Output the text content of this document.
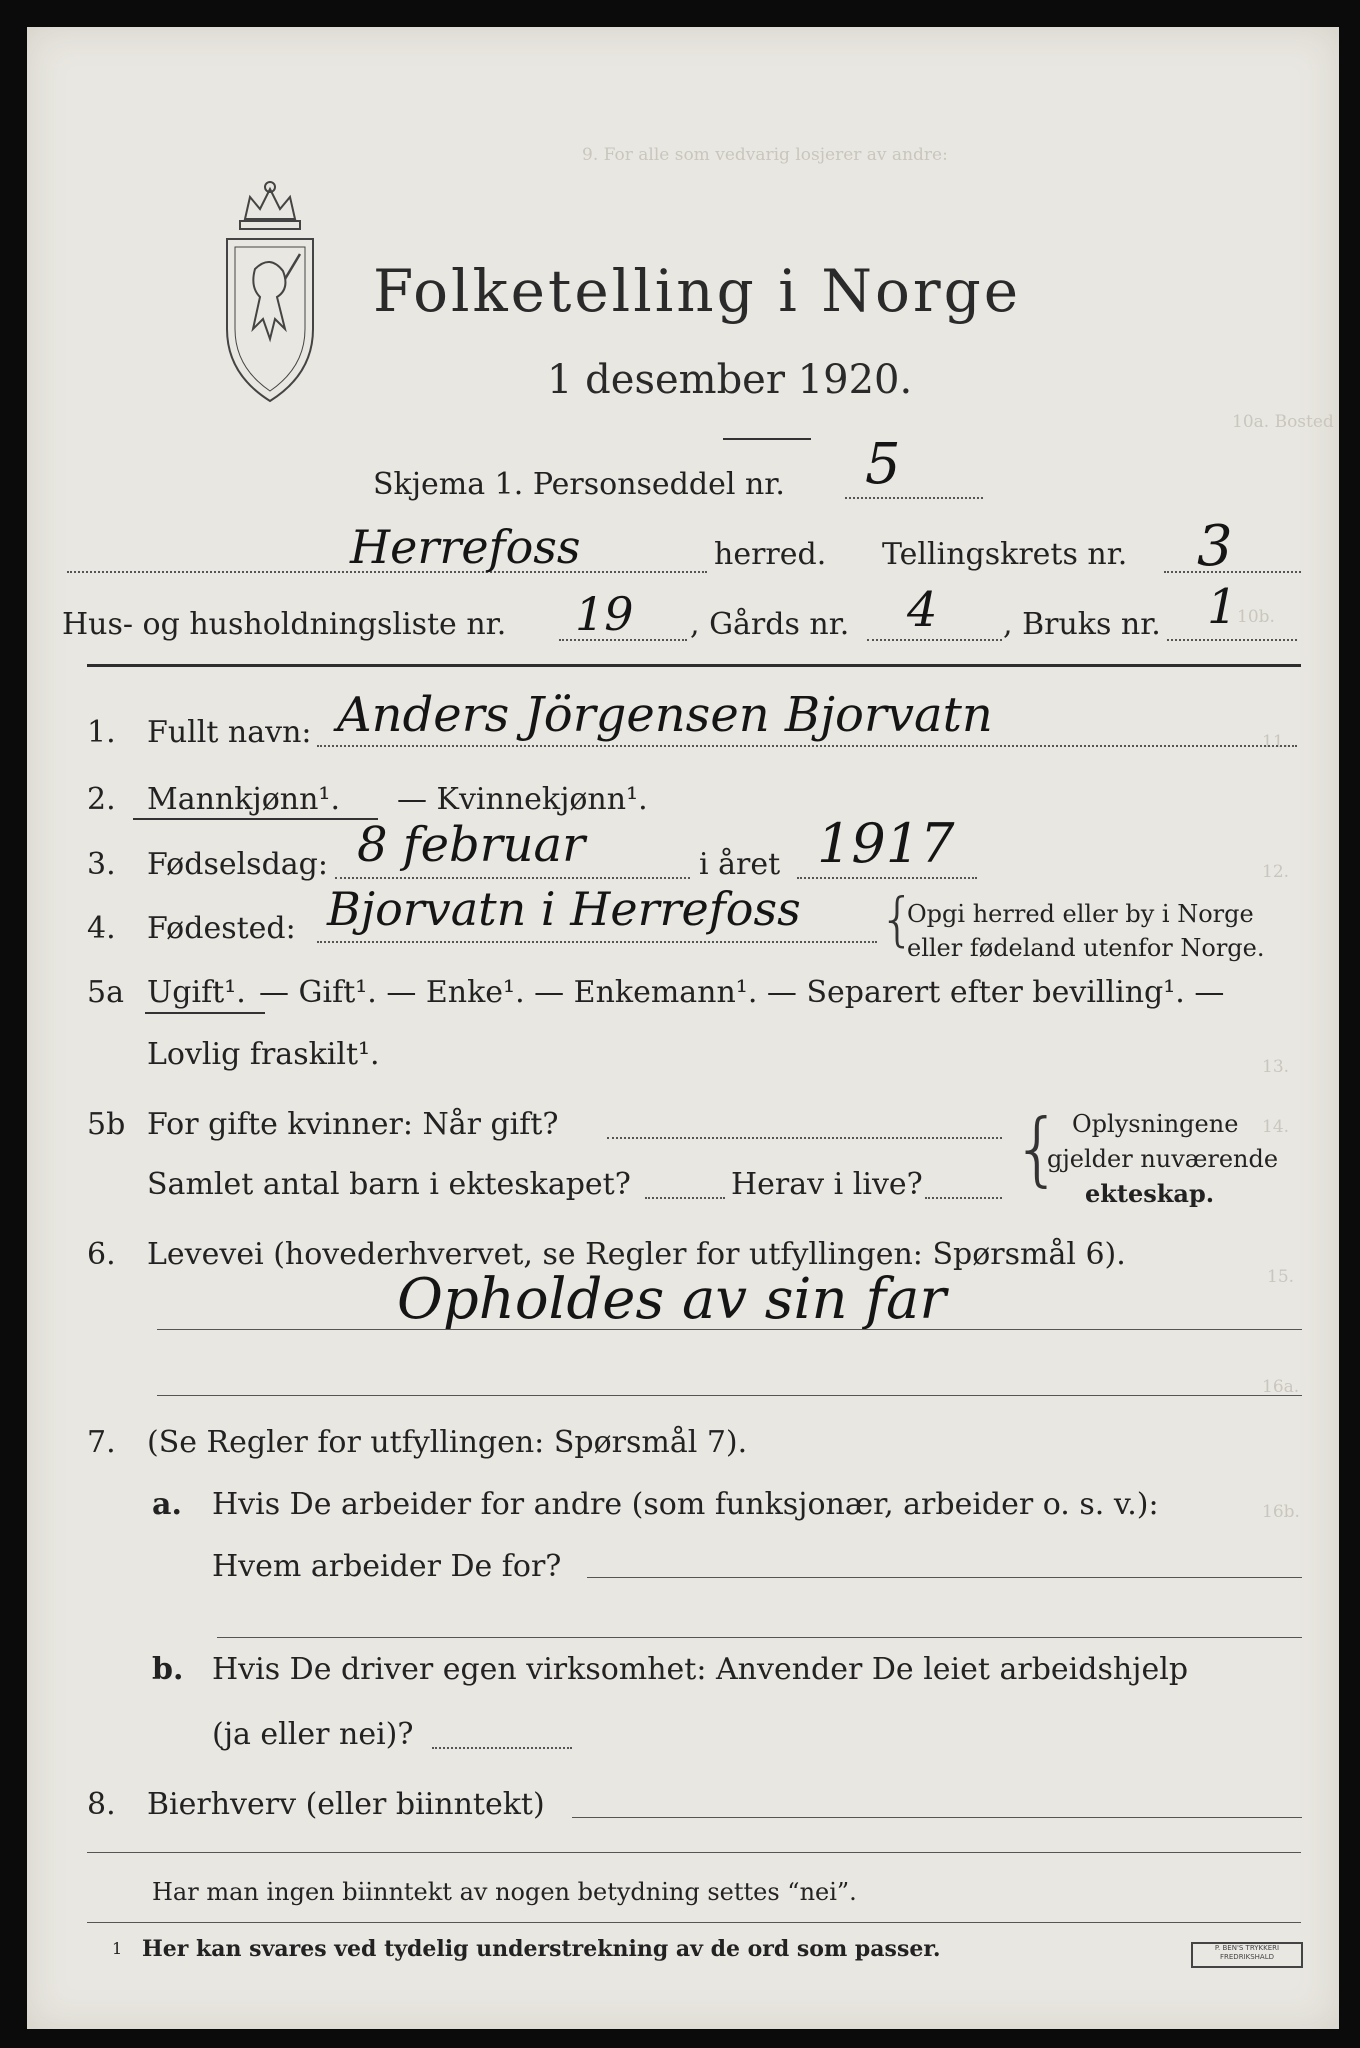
9. For alle som vedvarig losjerer av andre:
10a. Bosted
10b.
11.
12.
13.
14.
15.
16a.
16b.
Folketelling i Norge
1 desember 1920.
Skjema 1. Personseddel nr. 5
Herrefoss	herred. Tellingskrets nr. 3
Hus- og husholdningsliste nr. 19 , Gårds nr. 4 , Bruks nr. 1
1. Fullt navn: Anders Jörgensen Bjorvatn
2. Mannkjønn¹. — Kvinnekjønn¹.
3. Fødselsdag: 8 februar	i året 1917
4. Fødested: Bjorvatn i Herrefoss {
Opgi herred eller by i Norge
eller fødeland utenfor Norge.
5a Ugift¹. — Gift¹. — Enke¹. — Enkemann¹. — Separert efter bevilling¹. —
Lovlig fraskilt¹.
5b For gifte kvinner: Når gift?
Samlet antal barn i ekteskapet?	Herav i live? { Oplysningene
gjelder nuværende
ekteskap.
6. Levevei (hovederhvervet, se Regler for utfyllingen: Spørsmål 6).
Opholdes av sin far
7. (Se Regler for utfyllingen: Spørsmål 7).
a. Hvis De arbeider for andre (som funksjonær, arbeider o. s. v.):
Hvem arbeider De for?
b. Hvis De driver egen virksomhet: Anvender De leiet arbeidshjelp
(ja eller nei)?
8. Bierhverv (eller biinntekt)
Har man ingen biinntekt av nogen betydning settes “nei”.
1 Her kan svares ved tydelig understrekning av de ord som passer.	P. BEN'S TRYKKERI FREDRIKSHALD
